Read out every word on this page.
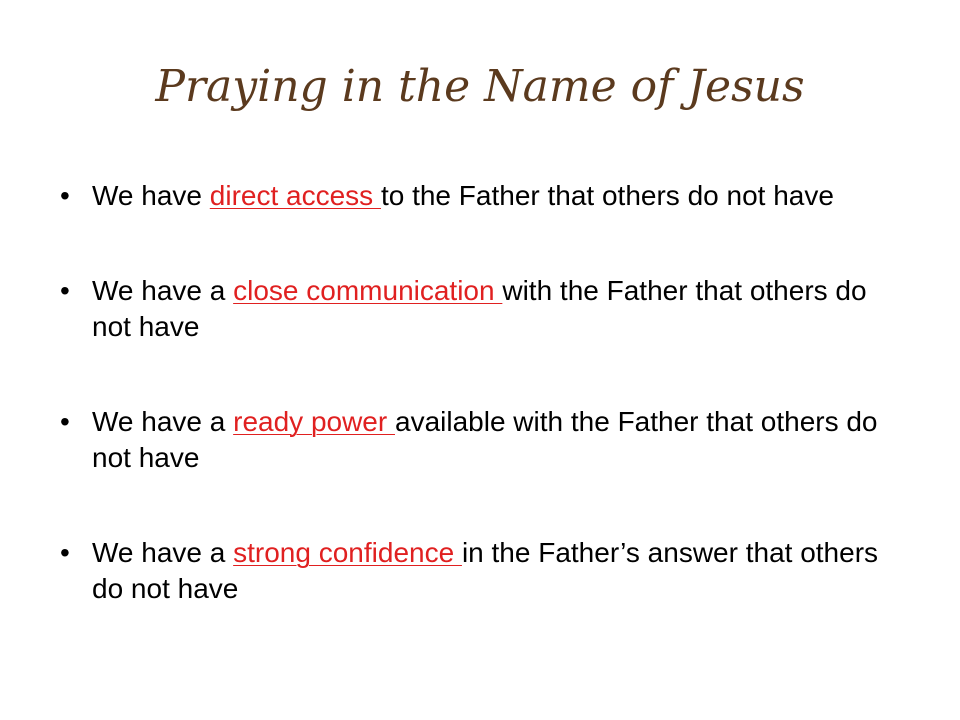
Praying in the Name of Jesus
• We have direct access to the Father that others do not have
• We have a close communication with the Father that others do not have
• We have a ready power available with the Father that others do not have
• We have a strong confidence in the Father’s answer that others do not have
